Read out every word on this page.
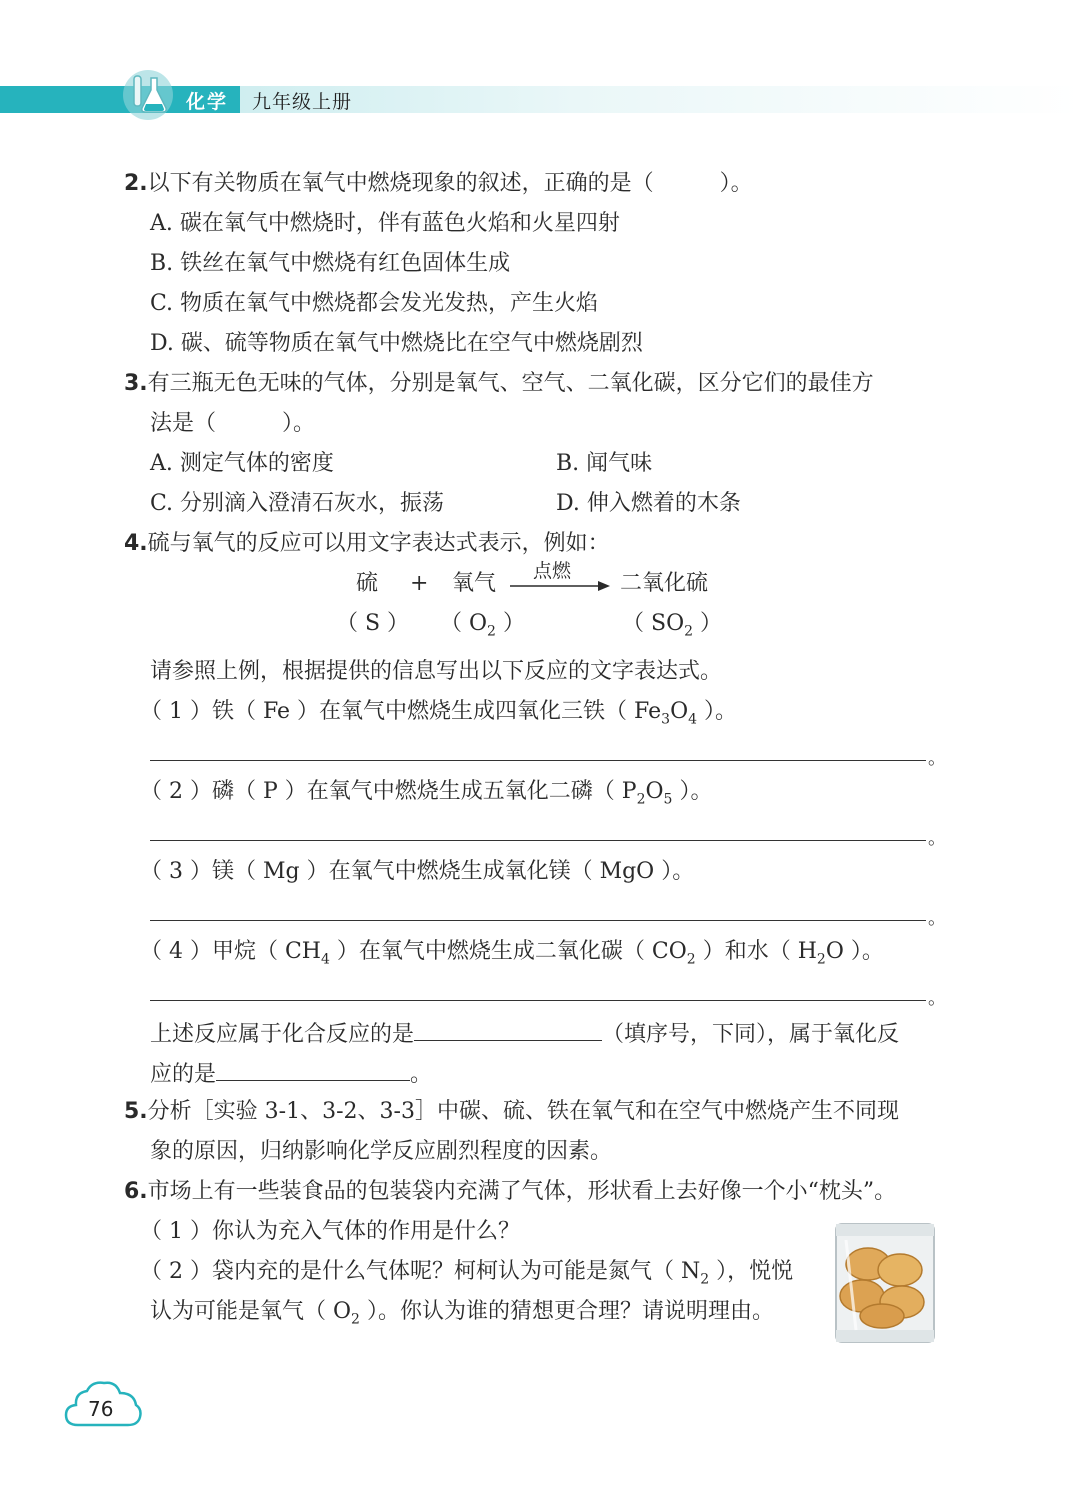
化学 九年级上册
2.以下有关物质在氧气中燃烧现象的叙述，正确的是（　　　）。
A. 碳在氧气中燃烧时，伴有蓝色火焰和火星四射
B. 铁丝在氧气中燃烧有红色固体生成
C. 物质在氧气中燃烧都会发光发热，产生火焰
D. 碳、硫等物质在氧气中燃烧比在空气中燃烧剧烈
3.有三瓶无色无味的气体，分别是氧气、空气、二氧化碳，区分它们的最佳方
法是（　　　）。
A. 测定气体的密度	B. 闻气味
C. 分别滴入澄清石灰水，振荡	D. 伸入燃着的木条
4.硫与氧气的反应可以用文字表达式表示，例如：
硫 + 氧气 点燃 二氧化硫
（ S ） （ $O_2$ ）	（ $SO_2$ ）
请参照上例，根据提供的信息写出以下反应的文字表达式。
（ 1 ）铁（ Fe ）在氧气中燃烧生成四氧化三铁（ $Fe_3O_4$ ）。
。
（ 2 ）磷（ P ）在氧气中燃烧生成五氧化二磷（ $P_2O_5$ ）。
。
（ 3 ）镁（ Mg ）在氧气中燃烧生成氧化镁（ MgO ）。
。
（ 4 ）甲烷（ $CH_4$ ）在氧气中燃烧生成二氧化碳（ $CO_2$ ）和水（ $H_2O$ ）。
。
上述反应属于化合反应的是	（填序号，下同），属于氧化反
应的是	。
5.分析［实验 3-1、3-2、3-3］中碳、硫、铁在氧气和在空气中燃烧产生不同现
象的原因，归纳影响化学反应剧烈程度的因素。
6.市场上有一些装食品的包装袋内充满了气体，形状看上去好像一个小“枕头”。
（ 1 ）你认为充入气体的作用是什么？
（ 2 ）袋内充的是什么气体呢？柯柯认为可能是氮气（ $N_2$ ），悦悦
认为可能是氧气（ $O_2$ ）。你认为谁的猜想更合理？请说明理由。
76
